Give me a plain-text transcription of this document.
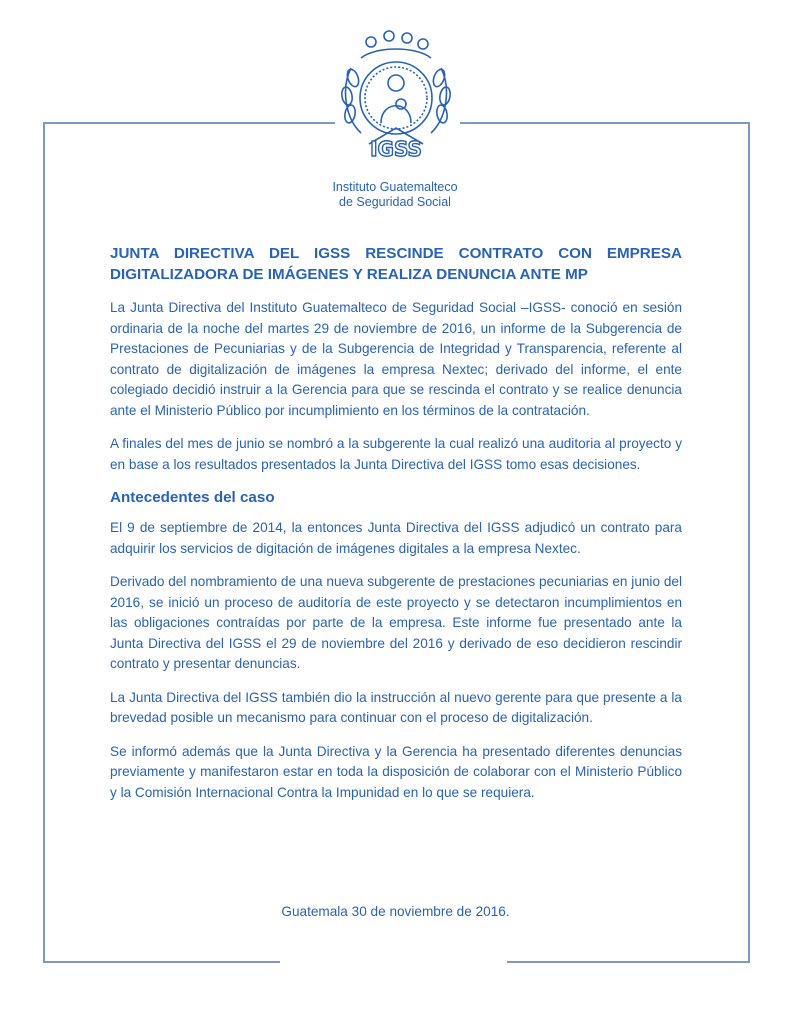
IGSS
Instituto Guatemalteco
de Seguridad Social
JUNTA DIRECTIVA DEL IGSS RESCINDE CONTRATO CON EMPRESA DIGITALIZADORA DE IMÁGENES Y REALIZA DENUNCIA ANTE MP

La Junta Directiva del Instituto Guatemalteco de Seguridad Social –IGSS- conoció en sesión ordinaria de la noche del martes 29 de noviembre de 2016, un informe de la Subgerencia de Prestaciones de Pecuniarias y de la Subgerencia de Integridad y Transparencia, referente al contrato de digitalización de imágenes la empresa Nextec; derivado del informe, el ente colegiado decidió instruir a la Gerencia para que se rescinda el contrato y se realice denuncia ante el Ministerio Público por incumplimiento en los términos de la contratación.

A finales del mes de junio se nombró a la subgerente la cual realizó una auditoria al proyecto y en base a los resultados presentados la Junta Directiva del IGSS tomo esas decisiones.

Antecedentes del caso

El 9 de septiembre de 2014, la entonces Junta Directiva del IGSS adjudicó un contrato para adquirir los servicios de digitación de imágenes digitales a la empresa Nextec.

Derivado del nombramiento de una nueva subgerente de prestaciones pecuniarias en junio del 2016, se inició un proceso de auditoría de este proyecto y se detectaron incumplimientos en las obligaciones contraídas por parte de la empresa. Este informe fue presentado ante la Junta Directiva del IGSS el 29 de noviembre del 2016 y derivado de eso decidieron rescindir contrato y presentar denuncias.

La Junta Directiva del IGSS también dio la instrucción al nuevo gerente para que presente a la brevedad posible un mecanismo para continuar con el proceso de digitalización.

Se informó además que la Junta Directiva y la Gerencia ha presentado diferentes denuncias previamente y manifestaron estar en toda la disposición de colaborar con el Ministerio Público y la Comisión Internacional Contra la Impunidad en lo que se requiera.

Guatemala 30 de noviembre de 2016.
